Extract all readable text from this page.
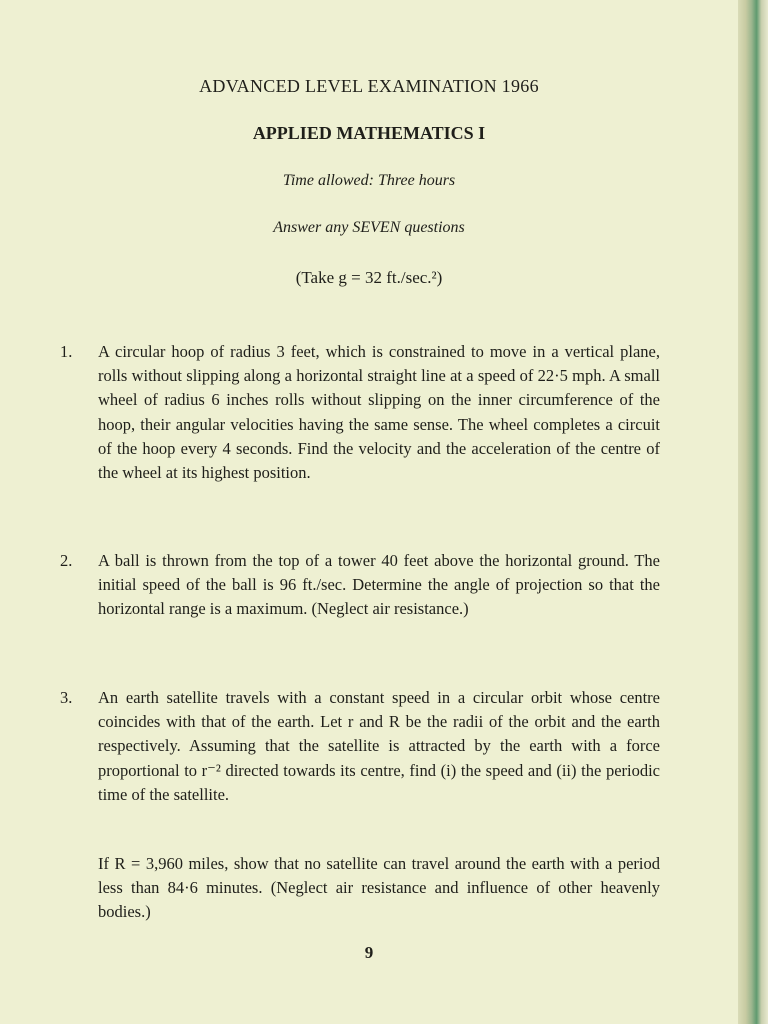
ADVANCED LEVEL EXAMINATION 1966
APPLIED MATHEMATICS I
Time allowed: Three hours
Answer any SEVEN questions
(Take g = 32 ft./sec.²)
1. A circular hoop of radius 3 feet, which is constrained to move in a vertical plane, rolls without slipping along a horizontal straight line at a speed of 22·5 mph. A small wheel of radius 6 inches rolls without slipping on the inner circumference of the hoop, their angular velocities having the same sense. The wheel completes a circuit of the hoop every 4 seconds. Find the velocity and the acceleration of the centre of the wheel at its highest position.
2. A ball is thrown from the top of a tower 40 feet above the horizontal ground. The initial speed of the ball is 96 ft./sec. Determine the angle of projection so that the horizontal range is a maximum. (Neglect air resistance.)
3. An earth satellite travels with a constant speed in a circular orbit whose centre coincides with that of the earth. Let r and R be the radii of the orbit and the earth respectively. Assuming that the satellite is attracted by the earth with a force proportional to r⁻² directed towards its centre, find (i) the speed and (ii) the periodic time of the satellite.
If R = 3,960 miles, show that no satellite can travel around the earth with a period less than 84·6 minutes. (Neglect air resistance and influence of other heavenly bodies.)
9
